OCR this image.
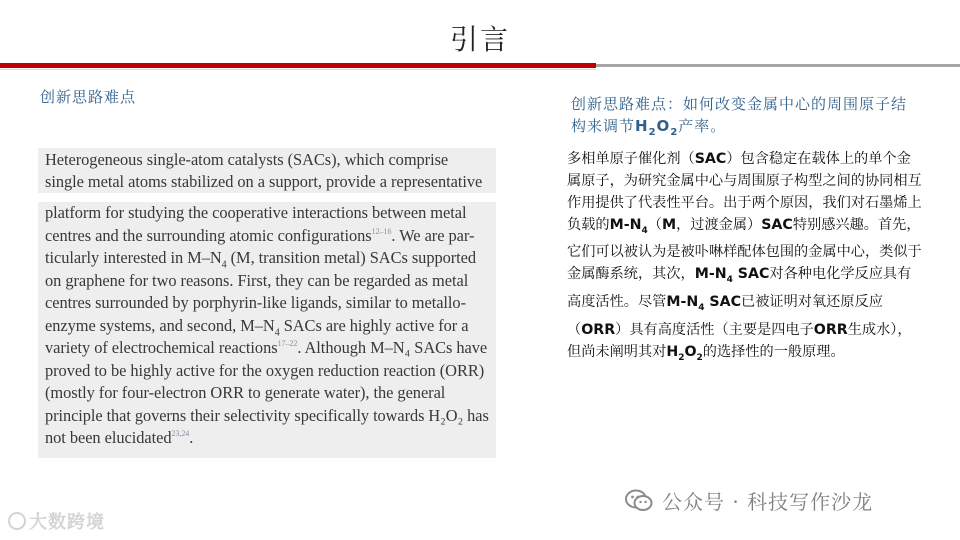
引言
创新思路难点	创新思路难点：如何改变金属中心的周围原子结构来调节$H_2O_2$产率。
Heterogeneous single-atom catalysts (SACs), which comprise
single metal atoms stabilized on a support, provide a representative
platform for studying the cooperative interactions between metal
centres and the surrounding atomic configurations$^{12-16}$. We are par-
ticularly interested in $M-N_4$ (M, transition metal) SACs supported
on graphene for two reasons. First, they can be regarded as metal
centres surrounded by porphyrin-like ligands, similar to metallo-
enzyme systems, and second, $M-N_4$ SACs are highly active for a
variety of electrochemical reactions$^{17-22}$. Although M–N₄ SACs have
proved to be highly active for the oxygen reduction reaction (ORR)
(mostly for four-electron ORR to generate water), the general
principle that governs their selectivity specifically towards H₂O₂ has
not been elucidated$^{23,24}$.
多相单原子催化剂（SAC）包含稳定在载体上的单个金属原子，为研究金属中心与周围原子构型之间的协同相互作用提供了代表性平台。出于两个原因，我们对石墨烯上负载的$M-N_4(M$，过渡金属）SAC特别感兴趣。首先，它们可以被认为是被卟啉样配体包围的金属中心，类似于金属酶系统，其次，$M-N_4$ SAC对各种电化学反应具有高度活性。尽管$M-N_4$ SAC已被证明对氧还原反应（ORR）具有高度活性（主要是四电子ORR生成水），但尚未阐明其对$H_2O_2$的选择性的一般原理。
大数跨境
公众号 · 科技写作沙龙
